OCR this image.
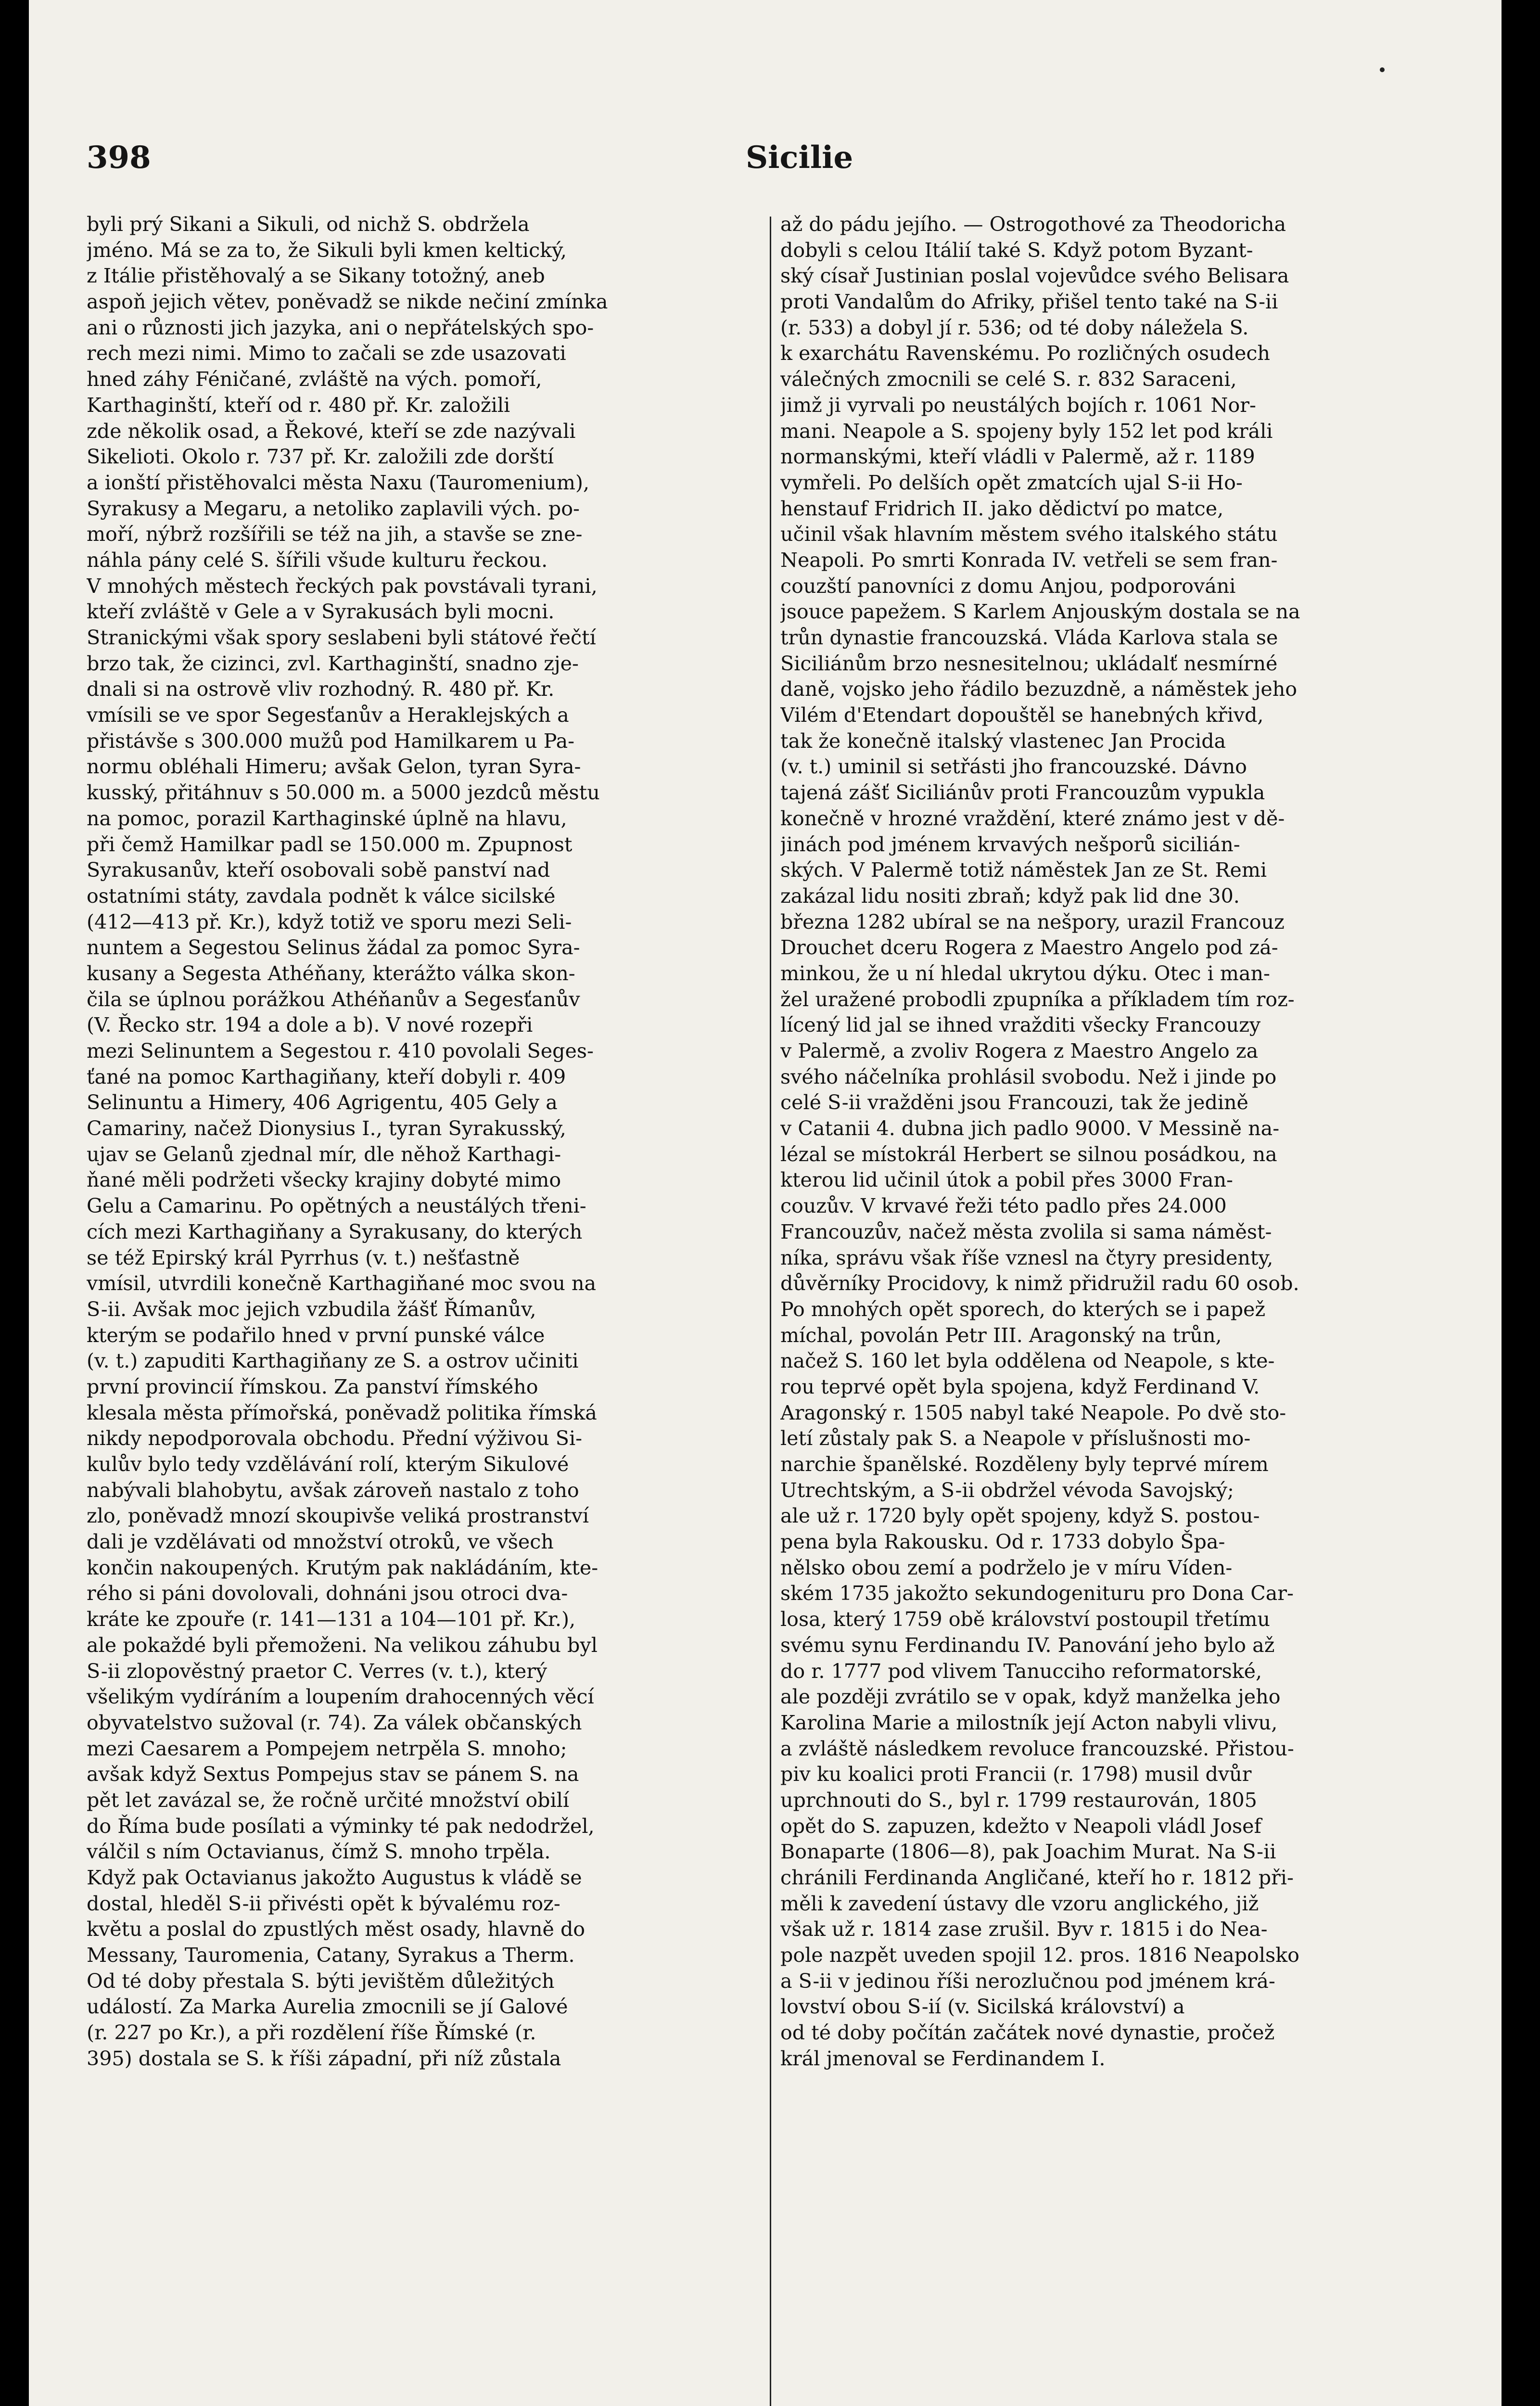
398	Sicilie
byli prý Sikani a Sikuli, od nichž S. obdržela
jméno. Má se za to, že Sikuli byli kmen keltický,
z Itálie přistěhovalý a se Sikany totožný, aneb
aspoň jejich větev, poněvadž se nikde nečiní zmínka
ani o různosti jich jazyka, ani o nepřátelských spo-
rech mezi nimi. Mimo to začali se zde usazovati
hned záhy Féničané, zvláště na vých. pomoří,
Karthaginští, kteří od r. 480 př. Kr. založili
zde několik osad, a Řekové, kteří se zde nazývali
Sikelioti. Okolo r. 737 př. Kr. založili zde dorští
a ionští přistěhovalci města Naxu (Tauromenium),
Syrakusy a Megaru, a netoliko zaplavili vých. po-
moří, nýbrž rozšířili se též na jih, a stavše se zne-
náhla pány celé S. šířili všude kulturu řeckou.
V mnohých městech řeckých pak povstávali tyrani,
kteří zvláště v Gele a v Syrakusách byli mocni.
Stranickými však spory seslabeni byli státové řečtí
brzo tak, že cizinci, zvl. Karthaginští, snadno zje-
dnali si na ostrově vliv rozhodný. R. 480 př. Kr.
vmísili se ve spor Segesťanův a Heraklejských a
přistávše s 300.000 mužů pod Hamilkarem u Pa-
normu obléhali Himeru; avšak Gelon, tyran Syra-
kusský, přitáhnuv s 50.000 m. a 5000 jezdců městu
na pomoc, porazil Karthaginské úplně na hlavu,
při čemž Hamilkar padl se 150.000 m. Zpupnost
Syrakusanův, kteří osobovali sobě panství nad
ostatními státy, zavdala podnět k válce sicilské
(412—413 př. Kr.), když totiž ve sporu mezi Seli-
nuntem a Segestou Selinus žádal za pomoc Syra-
kusany a Segesta Athéňany, kterážto válka skon-
čila se úplnou porážkou Athéňanův a Segesťanův
(V. Řecko str. 194 a dole a b). V nové rozepři
mezi Selinuntem a Segestou r. 410 povolali Seges-
ťané na pomoc Karthagiňany, kteří dobyli r. 409
Selinuntu a Himery, 406 Agrigentu, 405 Gely a
Camariny, načež Dionysius I., tyran Syrakusský,
ujav se Gelanů zjednal mír, dle něhož Karthagi-
ňané měli podržeti všecky krajiny dobyté mimo
Gelu a Camarinu. Po opětných a neustálých třeni-
cích mezi Karthagiňany a Syrakusany, do kterých
se též Epirský král Pyrrhus (v. t.) nešťastně
vmísil, utvrdili konečně Karthagiňané moc svou na
S-ii. Avšak moc jejich vzbudila žášť Římanův,
kterým se podařilo hned v první punské válce
(v. t.) zapuditi Karthagiňany ze S. a ostrov učiniti
první provincií římskou. Za panství římského
klesala města přímořská, poněvadž politika římská
nikdy nepodporovala obchodu. Přední výživou Si-
kulův bylo tedy vzdělávání rolí, kterým Sikulové
nabývali blahobytu, avšak zároveň nastalo z toho
zlo, poněvadž mnozí skoupivše veliká prostranství
dali je vzdělávati od množství otroků, ve všech
končin nakoupených. Krutým pak nakládáním, kte-
rého si páni dovolovali, dohnáni jsou otroci dva-
kráte ke zpouře (r. 141—131 a 104—101 př. Kr.),
ale pokaždé byli přemoženi. Na velikou záhubu byl
S-ii zlopověstný praetor C. Verres (v. t.), který
všelikým vydíráním a loupením drahocenných věcí
obyvatelstvo sužoval (r. 74). Za válek občanských
mezi Caesarem a Pompejem netrpěla S. mnoho;
avšak když Sextus Pompejus stav se pánem S. na
pět let zavázal se, že ročně určité množství obilí
do Říma bude posílati a výminky té pak nedodržel,
válčil s ním Octavianus, čímž S. mnoho trpěla.
Když pak Octavianus jakožto Augustus k vládě se
dostal, hleděl S-ii přivésti opět k bývalému roz-
květu a poslal do zpustlých měst osady, hlavně do
Messany, Tauromenia, Catany, Syrakus a Therm.
Od té doby přestala S. býti jevištěm důležitých
událostí. Za Marka Aurelia zmocnili se jí Galové
(r. 227 po Kr.), a při rozdělení říše Římské (r.
395) dostala se S. k říši západní, při níž zůstala
až do pádu jejího. — Ostrogothové za Theodoricha
dobyli s celou Itálií také S. Když potom Byzant-
ský císař Justinian poslal vojevůdce svého Belisara
proti Vandalům do Afriky, přišel tento také na S-ii
(r. 533) a dobyl jí r. 536; od té doby náležela S.
k exarchátu Ravenskému. Po rozličných osudech
válečných zmocnili se celé S. r. 832 Saraceni,
jimž ji vyrvali po neustálých bojích r. 1061 Nor-
mani. Neapole a S. spojeny byly 152 let pod králi
normanskými, kteří vládli v Palermě, až r. 1189
vymřeli. Po delších opět zmatcích ujal S-ii Ho-
henstauf Fridrich II. jako dědictví po matce,
učinil však hlavním městem svého italského státu
Neapoli. Po smrti Konrada IV. vetřeli se sem fran-
couzští panovníci z domu Anjou, podporováni
jsouce papežem. S Karlem Anjouským dostala se na
trůn dynastie francouzská. Vláda Karlova stala se
Siciliánům brzo nesnesitelnou; ukládalť nesmírné
daně, vojsko jeho řádilo bezuzdně, a náměstek jeho
Vilém d'Etendart dopouštěl se hanebných křivd,
tak že konečně italský vlastenec Jan Procida
(v. t.) uminil si setřásti jho francouzské. Dávno
tajená zášť Siciliánův proti Francouzům vypukla
konečně v hrozné vraždění, které známo jest v dě-
jinách pod jménem krvavých nešporů sicilián-
ských. V Palermě totiž náměstek Jan ze St. Remi
zakázal lidu nositi zbraň; když pak lid dne 30.
března 1282 ubíral se na nešpory, urazil Francouz
Drouchet dceru Rogera z Maestro Angelo pod zá-
minkou, že u ní hledal ukrytou dýku. Otec i man-
žel uražené probodli zpupníka a příkladem tím roz-
lícený lid jal se ihned vražditi všecky Francouzy
v Palermě, a zvoliv Rogera z Maestro Angelo za
svého náčelníka prohlásil svobodu. Než i jinde po
celé S-ii vražděni jsou Francouzi, tak že jedině
v Catanii 4. dubna jich padlo 9000. V Messině na-
lézal se místokrál Herbert se silnou posádkou, na
kterou lid učinil útok a pobil přes 3000 Fran-
couzův. V krvavé řeži této padlo přes 24.000
Francouzův, načež města zvolila si sama náměst-
níka, správu však říše vznesl na čtyry presidenty,
důvěrníky Procidovy, k nimž přidružil radu 60 osob.
Po mnohých opět sporech, do kterých se i papež
míchal, povolán Petr III. Aragonský na trůn,
načež S. 160 let byla oddělena od Neapole, s kte-
rou teprvé opět byla spojena, když Ferdinand V.
Aragonský r. 1505 nabyl také Neapole. Po dvě sto-
letí zůstaly pak S. a Neapole v příslušnosti mo-
narchie španělské. Rozděleny byly teprvé mírem
Utrechtským, a S-ii obdržel vévoda Savojský;
ale už r. 1720 byly opět spojeny, když S. postou-
pena byla Rakousku. Od r. 1733 dobylo Špa-
nělsko obou zemí a podrželo je v míru Víden-
ském 1735 jakožto sekundogenituru pro Dona Car-
losa, který 1759 obě království postoupil třetímu
svému synu Ferdinandu IV. Panování jeho bylo až
do r. 1777 pod vlivem Tanucciho reformatorské,
ale později zvrátilo se v opak, když manželka jeho
Karolina Marie a milostník její Acton nabyli vlivu,
a zvláště následkem revoluce francouzské. Přistou-
piv ku koalici proti Francii (r. 1798) musil dvůr
uprchnouti do S., byl r. 1799 restaurován, 1805
opět do S. zapuzen, kdežto v Neapoli vládl Josef
Bonaparte (1806—8), pak Joachim Murat. Na S-ii
chránili Ferdinanda Angličané, kteří ho r. 1812 při-
měli k zavedení ústavy dle vzoru anglického, již
však už r. 1814 zase zrušil. Byv r. 1815 i do Nea-
pole nazpět uveden spojil 12. pros. 1816 Neapolsko
a S-ii v jedinou říši nerozlučnou pod jménem krá-
lovství obou S-ií (v. Sicilská království) a
od té doby počítán začátek nové dynastie, pročež
král jmenoval se Ferdinandem I.
